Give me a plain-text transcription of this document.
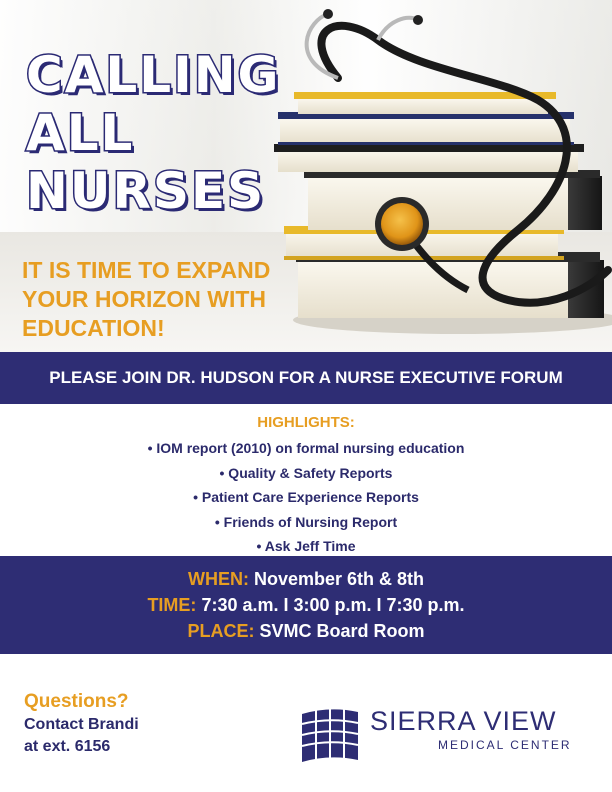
CALLING
ALL
NURSES
IT IS TIME TO EXPAND
YOUR HORIZON WITH
EDUCATION!
PLEASE JOIN DR. HUDSON FOR A NURSE EXECUTIVE FORUM
HIGHLIGHTS:
• IOM report (2010) on formal nursing education
• Quality & Safety Reports
• Patient Care Experience Reports
• Friends of Nursing Report
• Ask Jeff Time
WHEN: November 6th & 8th
TIME: 7:30 a.m. I 3:00 p.m. I 7:30 p.m.
PLACE: SVMC Board Room
Questions?
Contact Brandi
at ext. 6156
SIERRA VIEW
MEDICAL CENTER
